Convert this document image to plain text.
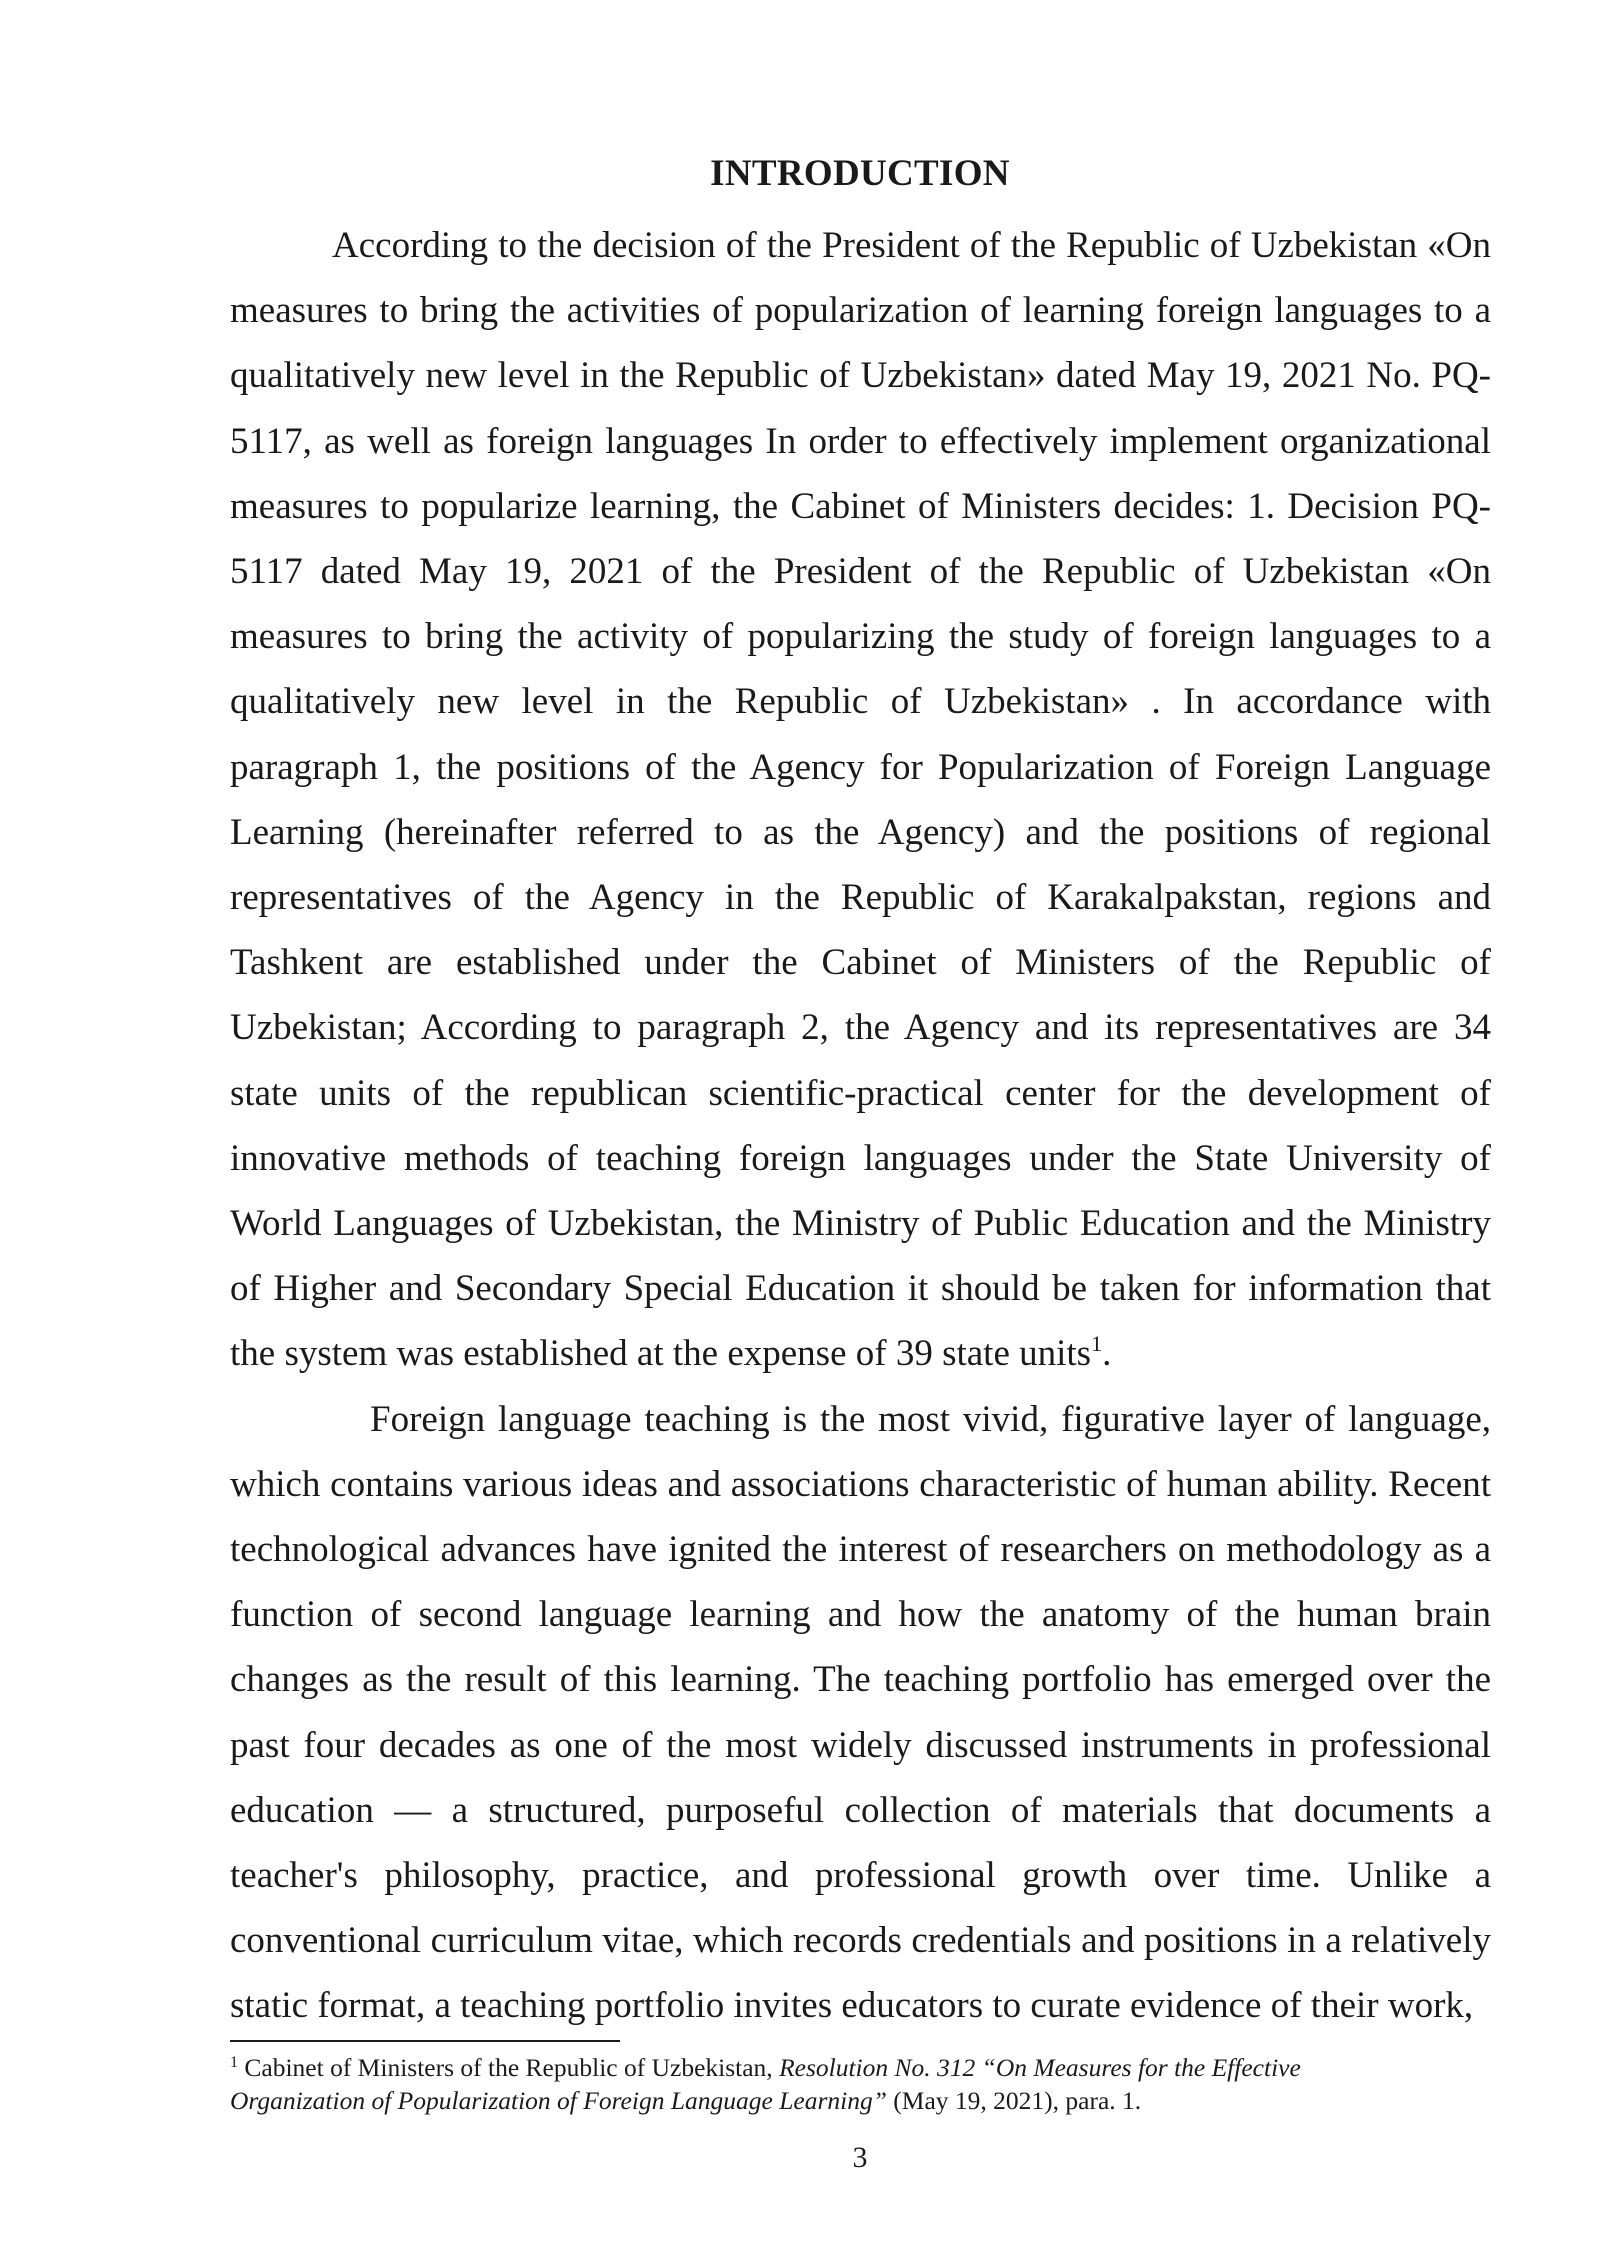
INTRODUCTION

According to the decision of the President of the Republic of Uzbekistan «On measures to bring the activities of popularization of learning foreign languages to a qualitatively new level in the Republic of Uzbekistan» dated May 19, 2021 No. PQ-5117, as well as foreign languages In order to effectively implement organizational measures to popularize learning, the Cabinet of Ministers decides: 1. Decision PQ-5117 dated May 19, 2021 of the President of the Republic of Uzbekistan «On measures to bring the activity of popularizing the study of foreign languages to a qualitatively new level in the Republic of Uzbekistan» . In accordance with paragraph 1, the positions of the Agency for Popularization of Foreign Language Learning (hereinafter referred to as the Agency) and the positions of regional representatives of the Agency in the Republic of Karakalpakstan, regions and Tashkent are established under the Cabinet of Ministers of the Republic of Uzbekistan; According to paragraph 2, the Agency and its representatives are 34 state units of the republican scientific-practical center for the development of innovative methods of teaching foreign languages under the State University of World Languages of Uzbekistan, the Ministry of Public Education and the Ministry of Higher and Secondary Special Education it should be taken for information that the system was established at the expense of 39 state units$^1$.

Foreign language teaching is the most vivid, figurative layer of language, which contains various ideas and associations characteristic of human ability. Recent technological advances have ignited the interest of researchers on methodology as a function of second language learning and how the anatomy of the human brain changes as the result of this learning. The teaching portfolio has emerged over the past four decades as one of the most widely discussed instruments in professional education — a structured, purposeful collection of materials that documents a teacher's philosophy, practice, and professional growth over time. Unlike a conventional curriculum vitae, which records credentials and positions in a relatively static format, a teaching portfolio invites educators to curate evidence of their work,

$^1$ Cabinet of Ministers of the Republic of Uzbekistan, Resolution No. 312 “On Measures for the Effective Organization of Popularization of Foreign Language Learning” (May 19, 2021), para. 1.

3
